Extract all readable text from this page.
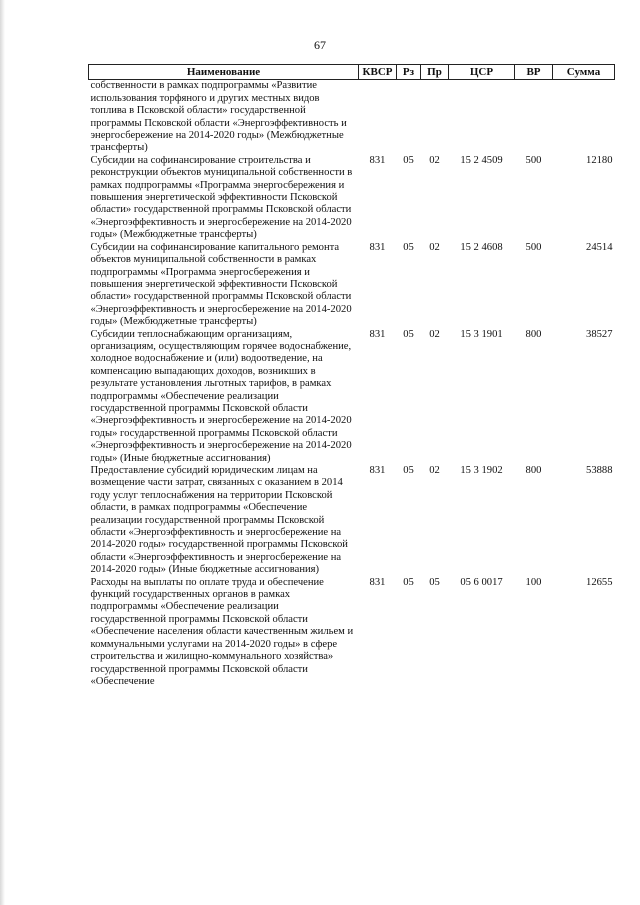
67
Наименование	КВСР	Рз	Пр	ЦСР	ВР	Сумма
собственности в рамках подпрограммы «Развитие использования торфяного и других местных видов топлива в Псковской области» государственной программы Псковской области «Энергоэффективность и энергосбережение на 2014-2020 годы» (Межбюджетные трансферты)						
Субсидии на софинансирование строительства и реконструкции объектов муниципальной собственности в рамках подпрограммы «Программа энергосбережения и повышения энергетической эффективности Псковской области» государственной программы Псковской области «Энергоэффективность и энергосбережение на 2014-2020 годы» (Межбюджетные трансферты)	831	05	02	15 2 4509	500	12180
Субсидии на софинансирование капитального ремонта объектов муниципальной собственности в рамках подпрограммы «Программа энергосбережения и повышения энергетической эффективности Псковской области» государственной программы Псковской области «Энергоэффективность и энергосбережение на 2014-2020 годы» (Межбюджетные трансферты)	831	05	02	15 2 4608	500	24514
Субсидии теплоснабжающим организациям, организациям, осуществляющим горячее водоснабжение, холодное водоснабжение и (или) водоотведение, на компенсацию выпадающих доходов, возникших в результате установления льготных тарифов, в рамках подпрограммы «Обеспечение реализации государственной программы Псковской области «Энергоэффективность и энергосбережение на 2014-2020 годы» государственной программы Псковской области «Энергоэффективность и энергосбережение на 2014-2020 годы» (Иные бюджетные ассигнования)	831	05	02	15 3 1901	800	38527
Предоставление субсидий юридическим лицам на возмещение части затрат, связанных с оказанием в 2014 году услуг теплоснабжения на территории Псковской области, в рамках подпрограммы «Обеспечение реализации государственной программы Псковской области «Энергоэффективность и энергосбережение на 2014-2020 годы» государственной программы Псковской области «Энергоэффективность и энергосбережение на 2014-2020 годы» (Иные бюджетные ассигнования)	831	05	02	15 3 1902	800	53888
Расходы на выплаты по оплате труда и обеспечение функций государственных органов в рамках подпрограммы «Обеспечение реализации государственной программы Псковской области «Обеспечение населения области качественным жильем и коммунальными услугами на 2014-2020 годы» в сфере строительства и жилищно-коммунального хозяйства» государственной программы Псковской области «Обеспечение	831	05	05	05 6 0017	100	12655
